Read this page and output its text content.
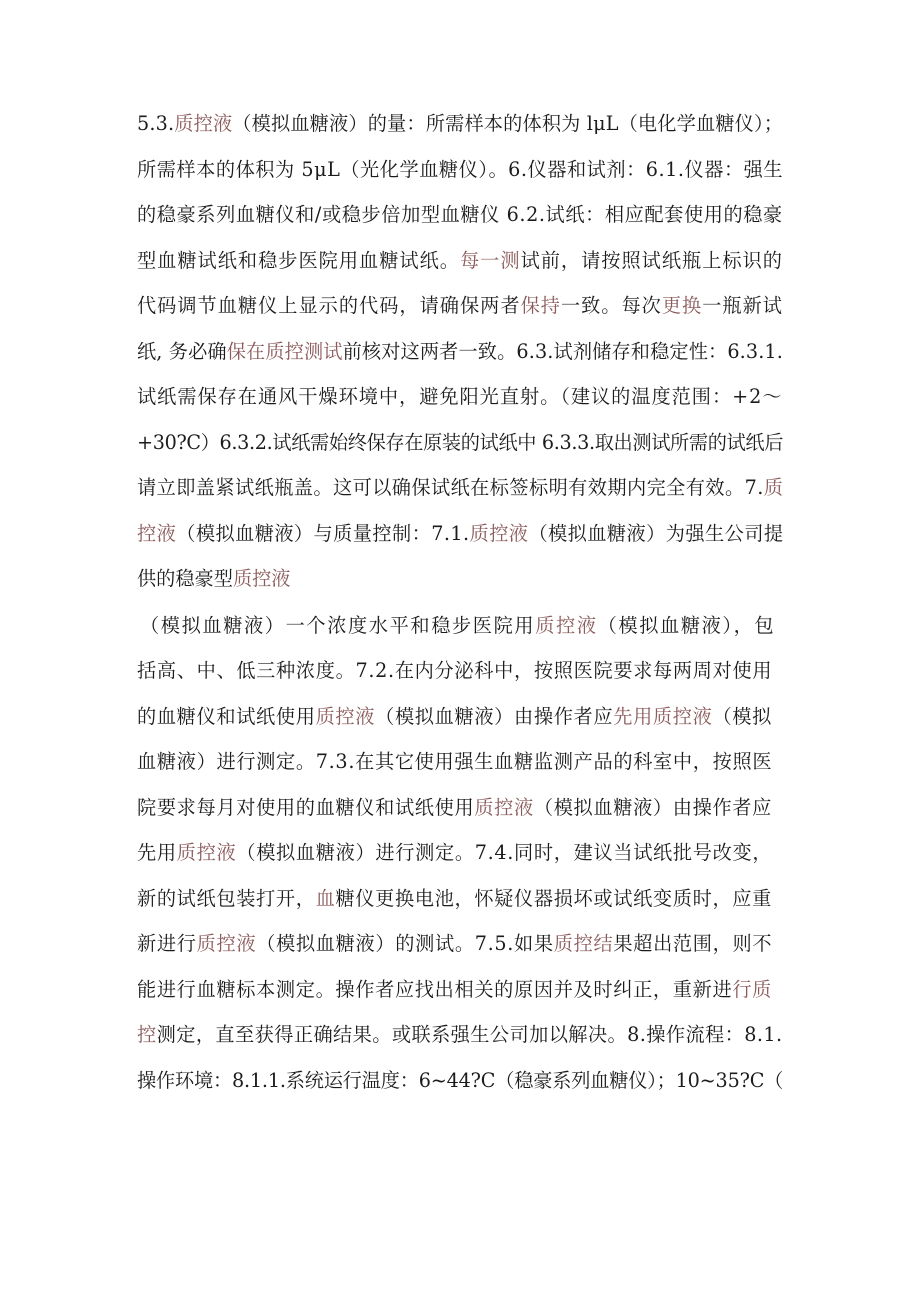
5.3.质控液（模拟血糖液）的量：所需样本的体积为 lμL（电化学血糖仪）；
所需样本的体积为 5μL（光化学血糖仪）。6.仪器和试剂：6.1.仪器：强生
的稳豪系列血糖仪和/或稳步倍加型血糖仪 6.2.试纸：相应配套使用的稳豪
型血糖试纸和稳步医院用血糖试纸。每一测试前，请按照试纸瓶上标识的
代码调节血糖仪上显示的代码，请确保两者保持一致。每次更换一瓶新试
纸, 务必确保在质控测试前核对这两者一致。6.3.试剂储存和稳定性：6.3.1.
试纸需保存在通风干燥环境中，避免阳光直射。（建议的温度范围：+2～
+30?C）6.3.2.试纸需始终保存在原装的试纸中 6.3.3.取出测试所需的试纸后
请立即盖紧试纸瓶盖。这可以确保试纸在标签标明有效期内完全有效。7.质
控液（模拟血糖液）与质量控制：7.1.质控液（模拟血糖液）为强生公司提
供的稳豪型质控液
（模拟血糖液）一个浓度水平和稳步医院用质控液（模拟血糖液），包
括高、中、低三种浓度。7.2.在内分泌科中，按照医院要求每两周对使用
的血糖仪和试纸使用质控液（模拟血糖液）由操作者应先用质控液（模拟
血糖液）进行测定。7.3.在其它使用强生血糖监测产品的科室中，按照医
院要求每月对使用的血糖仪和试纸使用质控液（模拟血糖液）由操作者应
先用质控液（模拟血糖液）进行测定。7.4.同时，建议当试纸批号改变，
新的试纸包装打开，血糖仪更换电池，怀疑仪器损坏或试纸变质时，应重
新进行质控液（模拟血糖液）的测试。7.5.如果质控结果超出范围，则不
能进行血糖标本测定。操作者应找出相关的原因并及时纠正，重新进行质
控测定，直至获得正确结果。或联系强生公司加以解决。8.操作流程：8.1.
操作环境：8.1.1.系统运行温度：6~44?C（稳豪系列血糖仪）；10~35?C（
